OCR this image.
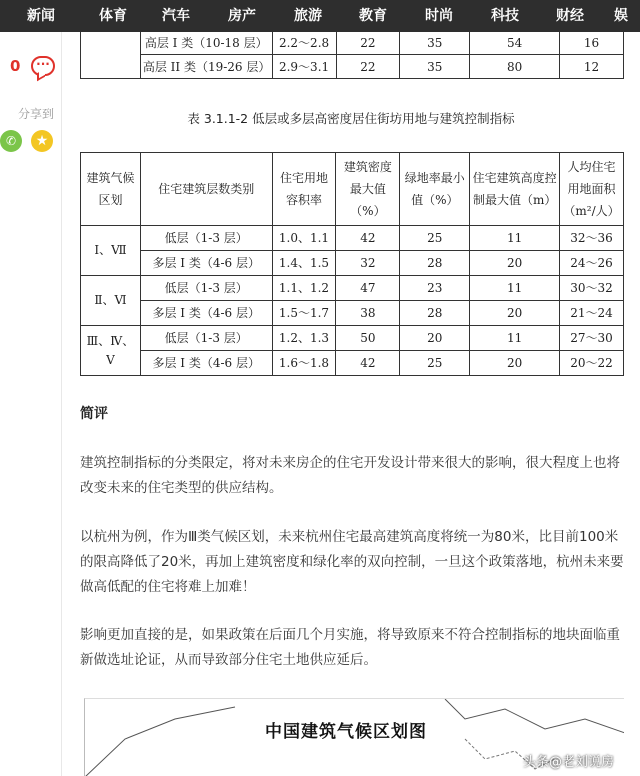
新闻	体育	汽车	房产	旅游	教育	时尚	科技	财经	娱
0	···
分享到
✆	★
	高层 I 类（10-18 层）	2.2～2.8	22	35	54	16
	高层 II 类（19-26 层）	2.9～3.1	22	35	80	12
表 3.1.1-2 低层或多层高密度居住街坊用地与建筑控制指标
建筑气候区划	住宅建筑层数类别	住宅用地容积率	建筑密度最大值（%）	绿地率最小值（%）	住宅建筑高度控制最大值（m）	人均住宅用地面积（m²/人）
Ⅰ、Ⅶ	低层（1-3 层）	1.0、1.1	42	25	11	32～36
	多层 I 类（4-6 层）	1.4、1.5	32	28	20	24～26
Ⅱ、Ⅵ	低层（1-3 层）	1.1、1.2	47	23	11	30～32
	多层 I 类（4-6 层）	1.5～1.7	38	28	20	21～24
Ⅲ、Ⅳ、Ⅴ	低层（1-3 层）	1.2、1.3	50	20	11	27～30
	多层 I 类（4-6 层）	1.6～1.8	42	25	20	20～22
简评

建筑控制指标的分类限定，将对未来房企的住宅开发设计带来很大的影响，很大程度上也将改变未来的住宅类型的供应结构。

以杭州为例，作为Ⅲ类气候区划，未来杭州住宅最高建筑高度将统一为80米，比目前100米的限高降低了20米，再加上建筑密度和绿化率的双向控制，一旦这个政策落地，杭州未来要做高低配的住宅将难上加难！

影响更加直接的是，如果政策在后面几个月实施，将导致原来不符合控制指标的地块面临重新做选址论证，从而导致部分住宅土地供应延后。

中国建筑气候区划图
头条@老刘说房
